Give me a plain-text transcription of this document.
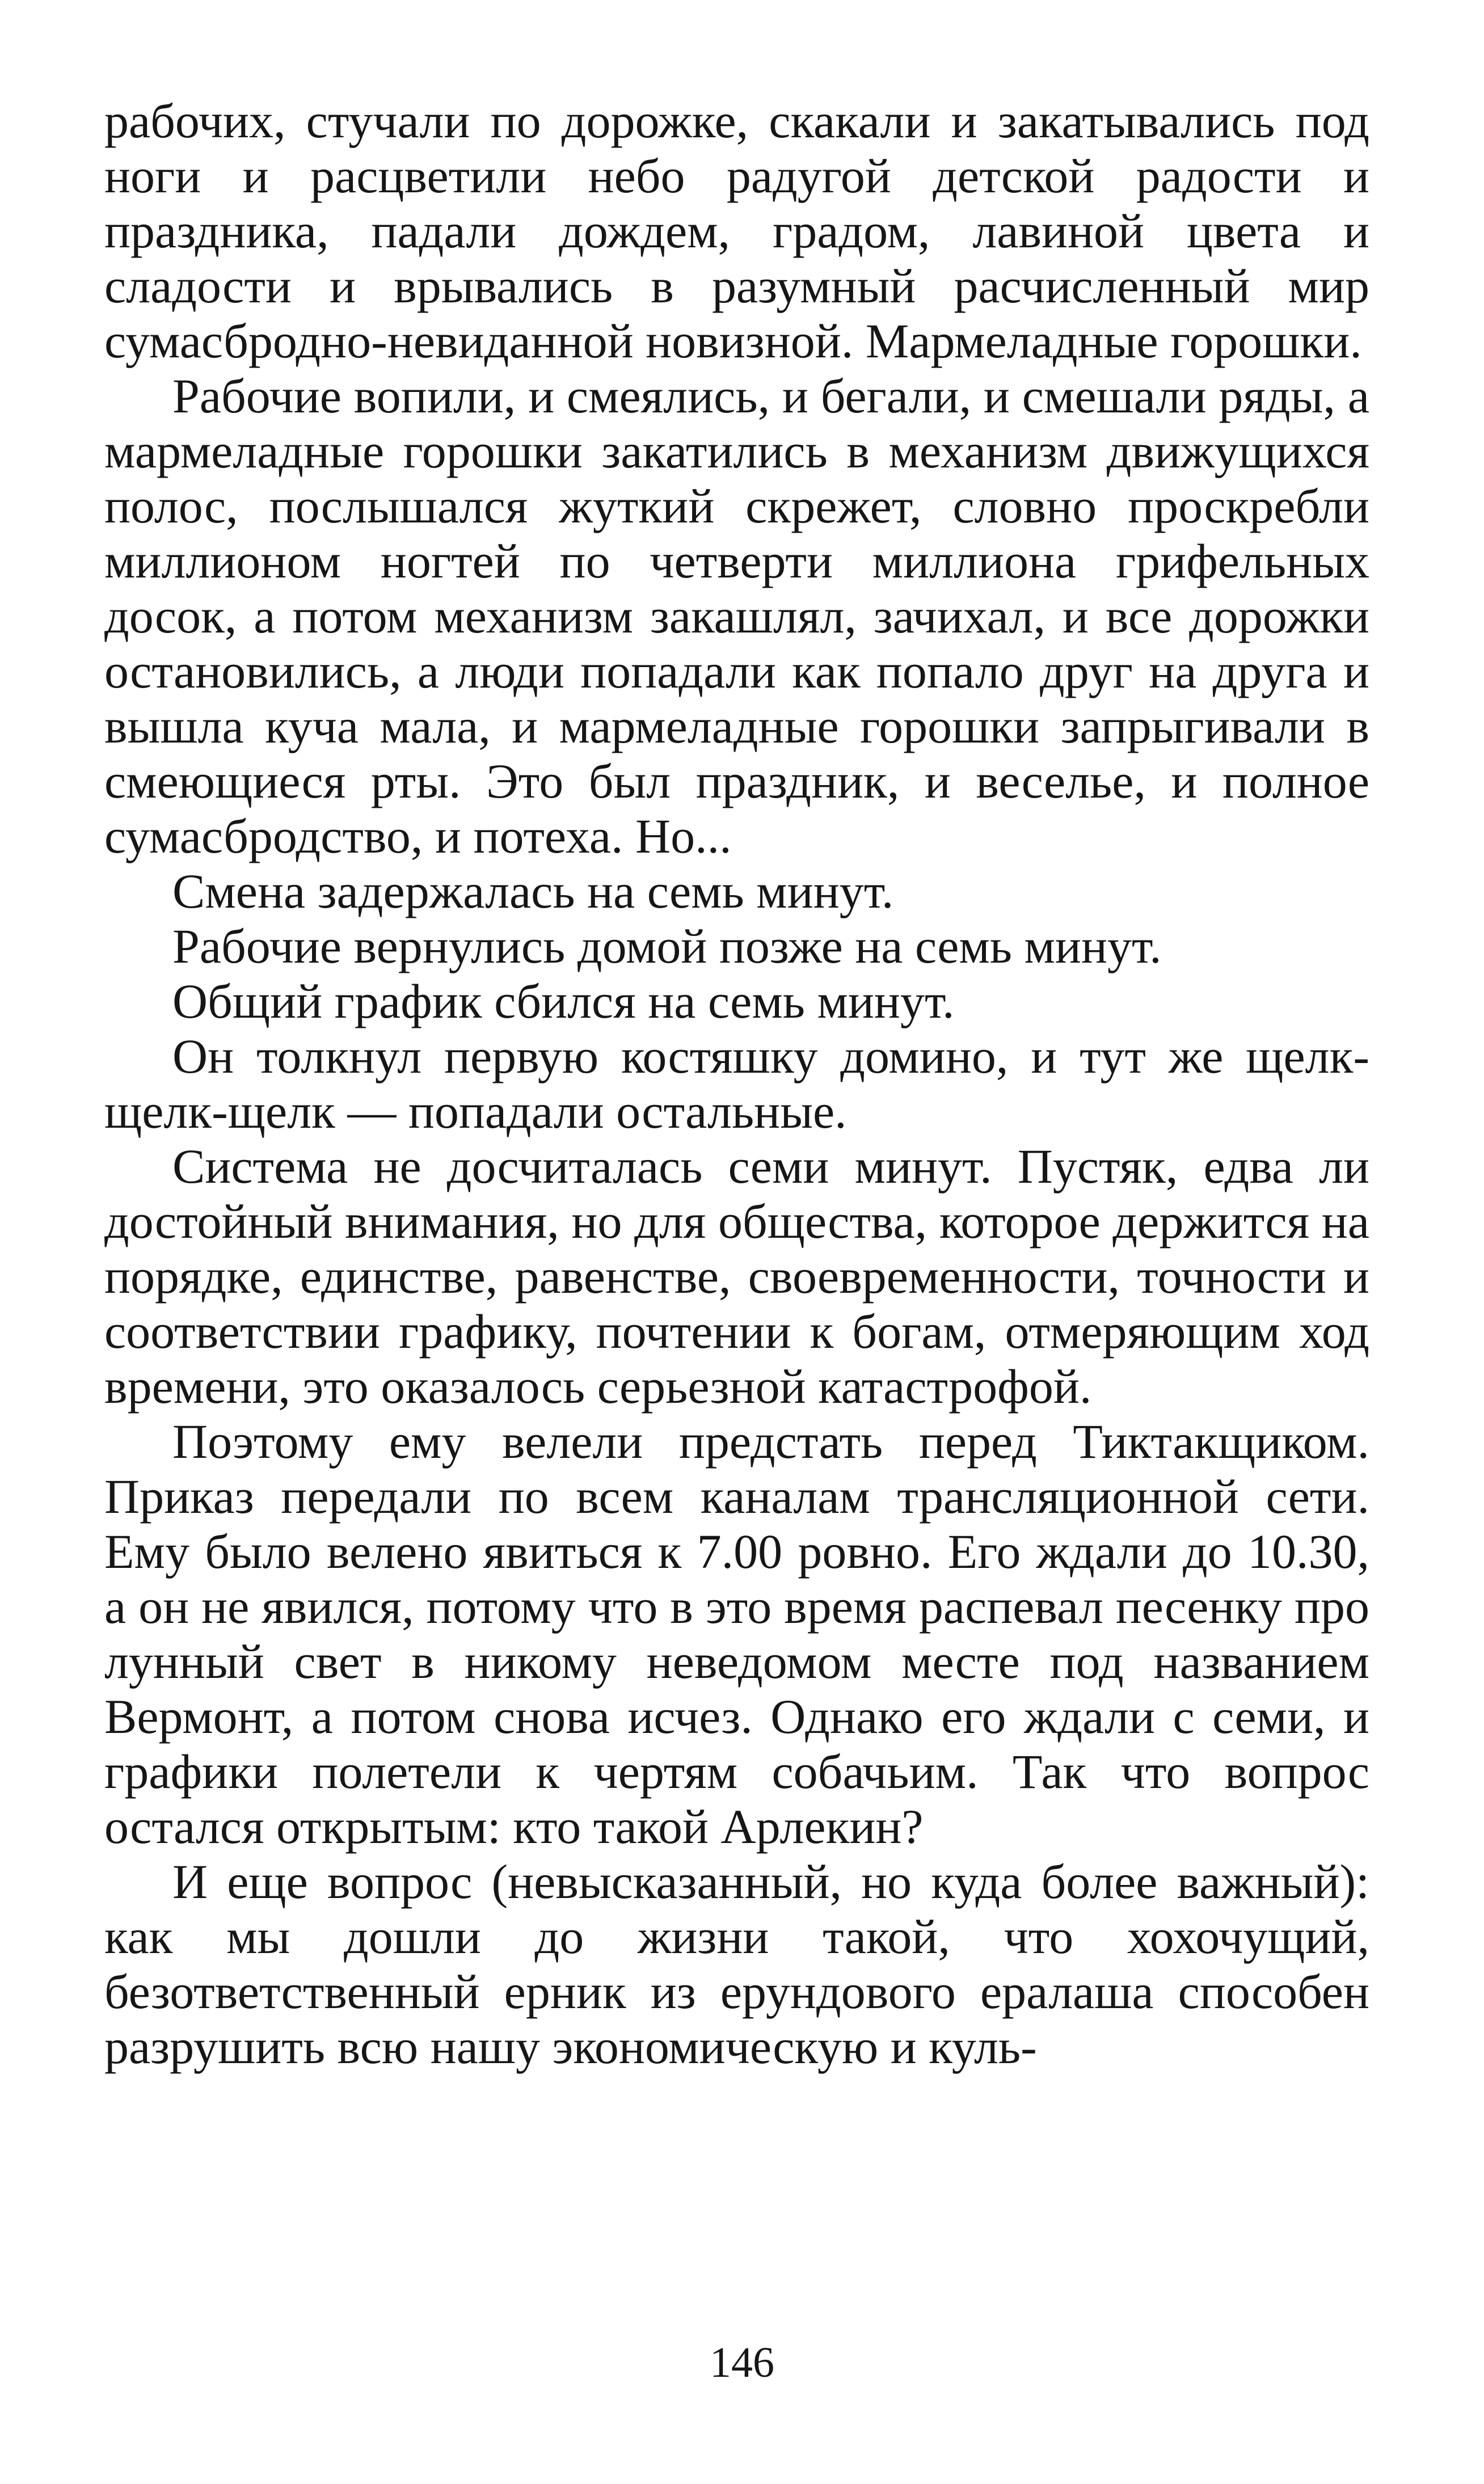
рабочих, стучали по дорожке, скакали и закатывались под ноги и расцветили небо радугой детской радости и праздника, падали дождем, градом, лавиной цвета и сладости и врывались в разумный расчисленный мир сумасбродно-невиданной новизной. Мармеладные горошки.

Рабочие вопили, и смеялись, и бегали, и смешали ряды, а мармеладные горошки закатились в механизм движущихся полос, послышался жуткий скрежет, словно проскребли миллионом ногтей по четверти миллиона грифельных досок, а потом механизм закашлял, зачихал, и все дорожки остановились, а люди попадали как попало друг на друга и вышла куча мала, и мармеладные горошки запрыгивали в смеющиеся рты. Это был праздник, и веселье, и полное сумасбродство, и потеха. Но...

Смена задержалась на семь минут.

Рабочие вернулись домой позже на семь минут.

Общий график сбился на семь минут.

Он толкнул первую костяшку домино, и тут же щелк-щелк-щелк — попадали остальные.

Система не досчиталась семи минут. Пустяк, едва ли достойный внимания, но для общества, которое держится на порядке, единстве, равенстве, своевременности, точности и соответствии графику, почтении к богам, отмеряющим ход времени, это оказалось серьезной катастрофой.

Поэтому ему велели предстать перед Тиктакщиком. Приказ передали по всем каналам трансляционной сети. Ему было велено явиться к 7.00 ровно. Его ждали до 10.30, а он не явился, потому что в это время распевал песенку про лунный свет в никому неведомом месте под названием Вермонт, а потом снова исчез. Однако его ждали с семи, и графики полетели к чертям собачьим. Так что вопрос остался открытым: кто такой Арлекин?

И еще вопрос (невысказанный, но куда более важный): как мы дошли до жизни такой, что хохочущий, безответственный ерник из ерундового ералаша способен разрушить всю нашу экономическую и куль-

146
